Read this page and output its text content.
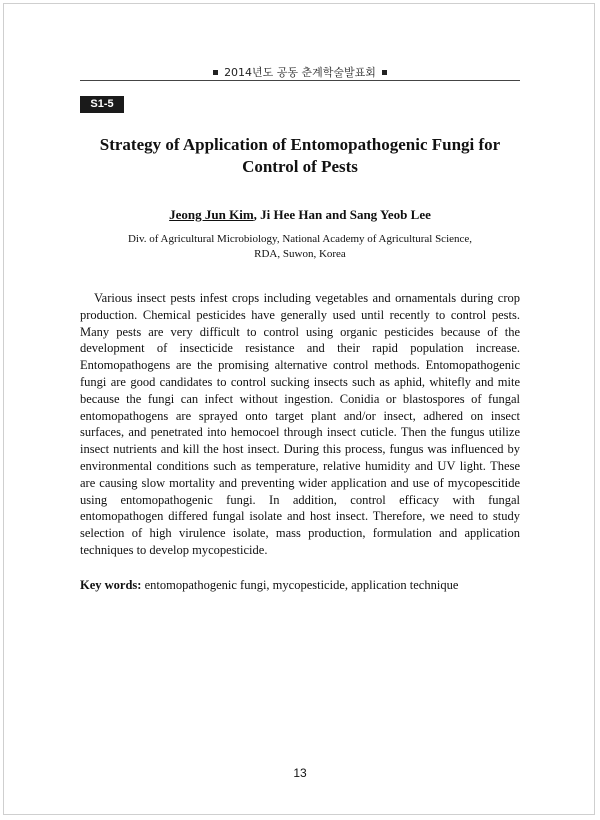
2014년도 공동 춘계학술발표회
S1-5
Strategy of Application of Entomopathogenic Fungi for
Control of Pests
Jeong Jun Kim, Ji Hee Han and Sang Yeob Lee
Div. of Agricultural Microbiology, National Academy of Agricultural Science,
RDA, Suwon, Korea

Various insect pests infest crops including vegetables and ornamentals during crop production. Chemical pesticides have generally used until recently to control pests. Many pests are very difficult to control using organic pesticides because of the development of insecticide resistance and their rapid population increase. Entomopathogens are the promising alternative control methods. Entomopathogenic fungi are good candidates to control sucking insects such as aphid, whitefly and mite because the fungi can infect without ingestion. Conidia or blastospores of fungal entomopathogens are sprayed onto target plant and/or insect, adhered on insect surfaces, and penetrated into hemocoel through insect cuticle. Then the fungus utilize insect nutrients and kill the host insect. During this process, fungus was influenced by environmental conditions such as temperature, relative humidity and UV light. These are causing slow mortality and preventing wider application and use of mycopescitide using entomopathogenic fungi. In addition, control efficacy with fungal entomopathogen differed fungal isolate and host insect. Therefore, we need to study selection of high virulence isolate, mass production, formulation and application techniques to develop mycopesticide.

Key words: entomopathogenic fungi, mycopesticide, application technique
13
